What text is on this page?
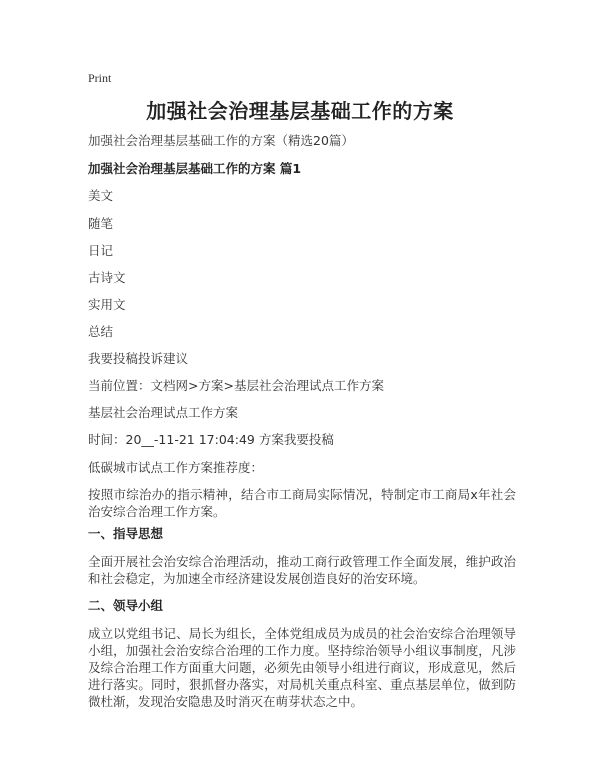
Print
加强社会治理基层基础工作的方案
加强社会治理基层基础工作的方案（精选20篇）
加强社会治理基层基础工作的方案 篇1
美文
随笔
日记
古诗文
实用文
总结
我要投稿投诉建议
当前位置：文档网>方案>基层社会治理试点工作方案
基层社会治理试点工作方案
时间：20__-11-21 17:04:49 方案我要投稿
低碳城市试点工作方案推荐度：
按照市综治办的指示精神，结合市工商局实际情况，特制定市工商局x年社会治安综合治理工作方案。
一、指导思想
全面开展社会治安综合治理活动，推动工商行政管理工作全面发展，维护政治和社会稳定，为加速全市经济建设发展创造良好的治安环境。
二、领导小组
成立以党组书记、局长为组长，全体党组成员为成员的社会治安综合治理领导小组，加强社会治安综合治理的工作力度。坚持综治领导小组议事制度，凡涉及综合治理工作方面重大问题，必须先由领导小组进行商议，形成意见，然后进行落实。同时，狠抓督办落实，对局机关重点科室、重点基层单位，做到防微杜渐，发现治安隐患及时消灭在萌芽状态之中。
